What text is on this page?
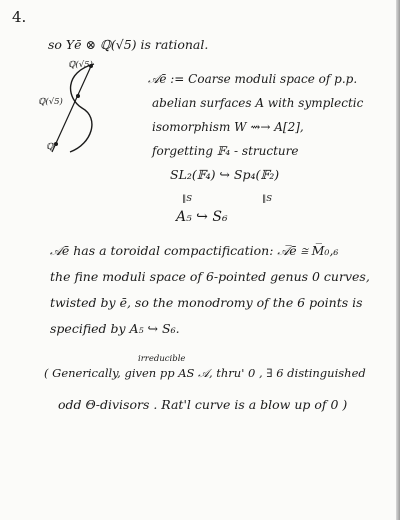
4.
so Yē ⊗ ℚ(√5) is rational.
ℚ(√5)
ℚ(√5)
ℚ
𝒜ē := Coarse moduli space of p.p.
abelian surfaces A with symplectic
isomorphism W ⇝→ A[2],
forgetting 𝔽₄ - structure
SL₂(𝔽₄) ↪ Sp₄(𝔽₂)
‖S	‖S
A₅ ↪ S₆
𝒜ē has a toroidal compactification: 𝒜̅ē ≅ M̅₀,₆
the fine moduli space of 6-pointed genus 0 curves,
twisted by ē, so the monodromy of the 6 points is
specified by A₅ ↪ S₆.
irreducible
( Generically, given pp AS 𝒜, thru' 0 , ∃ 6 distinguished
odd Θ-divisors . Rat'l curve is a blow up of 0 )
